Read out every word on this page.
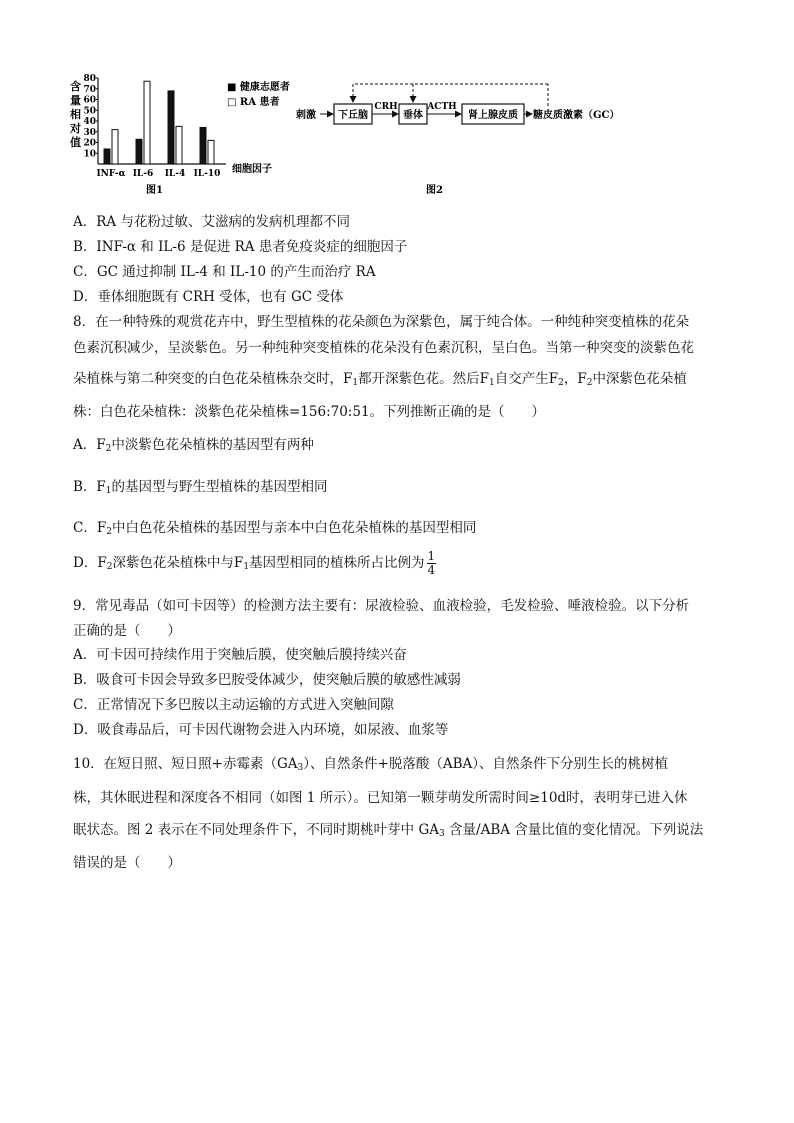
含
量
相
对
值
10
20
30
40
50
60
70
80
INF-α IL-6 IL-4 IL-10 细胞因子
■ 健康志愿者
□ RA 患者
图1
刺激 下丘脑
CRH
垂体
ACTH
肾上腺皮质 糖皮质激素（GC）
图2
A．RA 与花粉过敏、艾滋病的发病机理都不同
B．INF-α 和 IL-6 是促进 RA 患者免疫炎症的细胞因子
C．GC 通过抑制 IL-4 和 IL-10 的产生而治疗 RA
D．垂体细胞既有 CRH 受体，也有 GC 受体
8．在一种特殊的观赏花卉中，野生型植株的花朵颜色为深紫色，属于纯合体。一种纯种突变植株的花朵
色素沉积减少，呈淡紫色。另一种纯种突变植株的花朵没有色素沉积，呈白色。当第一种突变的淡紫色花
朵植株与第二种突变的白色花朵植株杂交时，$F_1$都开深紫色花。然后$F_1$自交产生$F_2$，$F_2$中深紫色花朵植
株：白色花朵植株：淡紫色花朵植株=156:70:51。下列推断正确的是（　　）
A．$F_2$中淡紫色花朵植株的基因型有两种
B．$F_1$的基因型与野生型植株的基因型相同
C．$F_2$中白色花朵植株的基因型与亲本中白色花朵植株的基因型相同
D．$F_2$深紫色花朵植株中与$F_1$基因型相同的植株所占比例为 $\frac{1}{4}$
9．常见毒品（如可卡因等）的检测方法主要有：尿液检验、血液检验，毛发检验、唾液检验。以下分析
正确的是（　　）
A．可卡因可持续作用于突触后膜，使突触后膜持续兴奋
B．吸食可卡因会导致多巴胺受体减少，使突触后膜的敏感性减弱
C．正常情况下多巴胺以主动运输的方式进入突触间隙
D．吸食毒品后，可卡因代谢物会进入内环境，如尿液、血浆等
10．在短日照、短日照+赤霉素$(GA_3)$、自然条件+脱落酸（ABA）、自然条件下分别生长的桃树植
株，其休眠进程和深度各不相同（如图 1 所示）。已知第一颗芽萌发所需时间≥10d时，表明芽已进入休
眠状态。图 2 表示在不同处理条件下，不同时期桃叶芽中 $GA_3$ 含量/ABA 含量比值的变化情况。下列说法
错误的是（　　）
